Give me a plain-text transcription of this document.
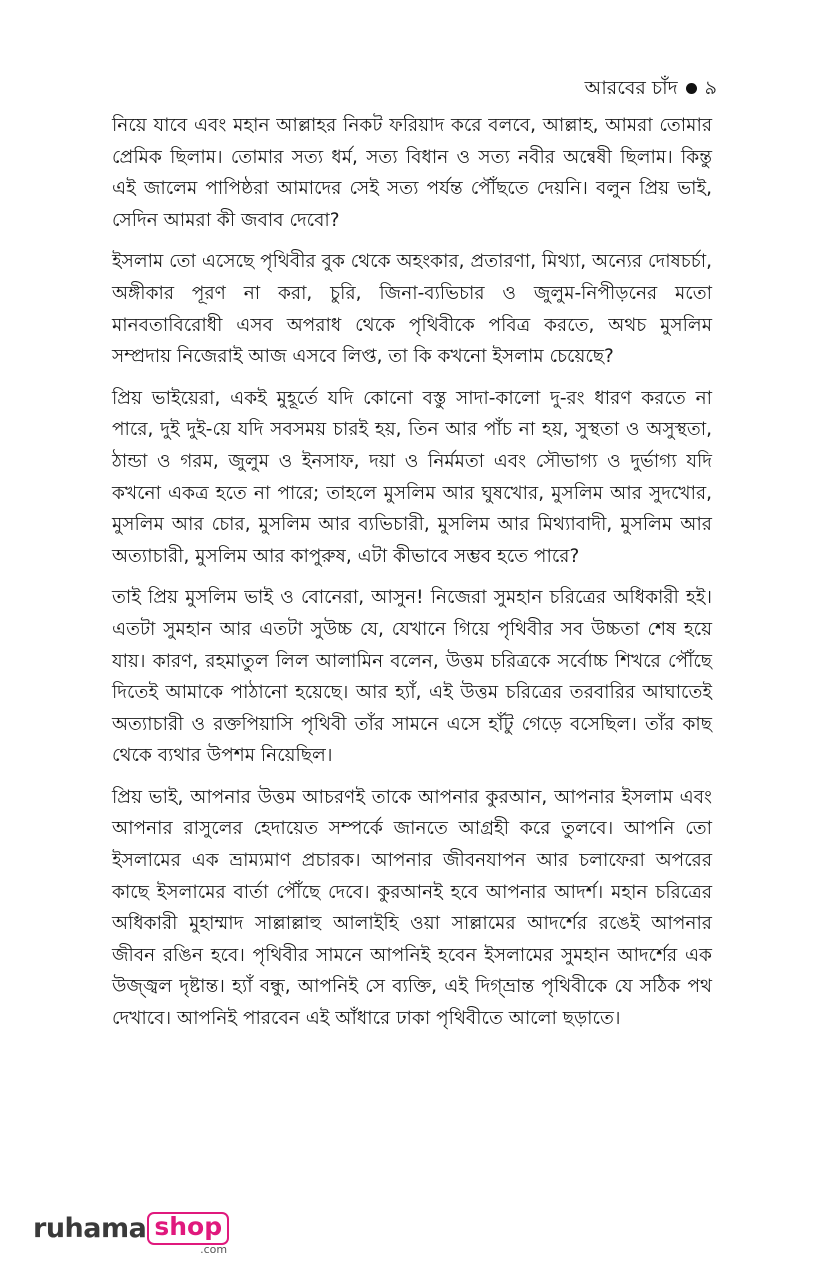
আরবের চাঁদ ৯

নিয়ে যাবে এবং মহান আল্লাহর নিকট ফরিয়াদ করে বলবে, আল্লাহ, আমরা তোমার প্রেমিক ছিলাম। তোমার সত্য ধর্ম, সত্য বিধান ও সত্য নবীর অন্বেষী ছিলাম। কিন্তু এই জালেম পাপিষ্ঠরা আমাদের সেই সত্য পর্যন্ত পৌঁছতে দেয়নি। বলুন প্রিয় ভাই, সেদিন আমরা কী জবাব দেবো?

ইসলাম তো এসেছে পৃথিবীর বুক থেকে অহংকার, প্রতারণা, মিথ্যা, অন্যের দোষচর্চা, অঙ্গীকার পূরণ না করা, চুরি, জিনা-ব্যভিচার ও জুলুম-নিপীড়নের মতো মানবতাবিরোধী এসব অপরাধ থেকে পৃথিবীকে পবিত্র করতে, অথচ মুসলিম সম্প্রদায় নিজেরাই আজ এসবে লিপ্ত, তা কি কখনো ইসলাম চেয়েছে?

প্রিয় ভাইয়েরা, একই মুহূর্তে যদি কোনো বস্তু সাদা-কালো দু-রং ধারণ করতে না পারে, দুই দুই-য়ে যদি সবসময় চারই হয়, তিন আর পাঁচ না হয়, সুস্থতা ও অসুস্থতা, ঠান্ডা ও গরম, জুলুম ও ইনসাফ, দয়া ও নির্মমতা এবং সৌভাগ্য ও দুর্ভাগ্য যদি কখনো একত্র হতে না পারে; তাহলে মুসলিম আর ঘুষখোর, মুসলিম আর সুদখোর, মুসলিম আর চোর, মুসলিম আর ব্যভিচারী, মুসলিম আর মিথ্যাবাদী, মুসলিম আর অত্যাচারী, মুসলিম আর কাপুরুষ, এটা কীভাবে সম্ভব হতে পারে?

তাই প্রিয় মুসলিম ভাই ও বোনেরা, আসুন! নিজেরা সুমহান চরিত্রের অধিকারী হই। এতটা সুমহান আর এতটা সুউচ্চ যে, যেখানে গিয়ে পৃথিবীর সব উচ্চতা শেষ হয়ে যায়। কারণ, রহমাতুল লিল আলামিন বলেন, উত্তম চরিত্রকে সর্বোচ্চ শিখরে পৌঁছে দিতেই আমাকে পাঠানো হয়েছে। আর হ্যাঁ, এই উত্তম চরিত্রের তরবারির আঘাতেই অত্যাচারী ও রক্তপিয়াসি পৃথিবী তাঁর সামনে এসে হাঁটু গেড়ে বসেছিল। তাঁর কাছ থেকে ব্যথার উপশম নিয়েছিল।

প্রিয় ভাই, আপনার উত্তম আচরণই তাকে আপনার কুরআন, আপনার ইসলাম এবং আপনার রাসুলের হেদায়েত সম্পর্কে জানতে আগ্রহী করে তুলবে। আপনি তো ইসলামের এক ভ্রাম্যমাণ প্রচারক। আপনার জীবনযাপন আর চলাফেরা অপরের কাছে ইসলামের বার্তা পৌঁছে দেবে। কুরআনই হবে আপনার আদর্শ। মহান চরিত্রের অধিকারী মুহাম্মাদ সাল্লাল্লাহু আলাইহি ওয়া সাল্লামের আদর্শের রঙেই আপনার জীবন রঙিন হবে। পৃথিবীর সামনে আপনিই হবেন ইসলামের সুমহান আদর্শের এক উজ্জ্বল দৃষ্টান্ত। হ্যাঁ বন্ধু, আপনিই সে ব্যক্তি, এই দিগ্ভ্রান্ত পৃথিবীকে যে সঠিক পথ দেখাবে। আপনিই পারবেন এই আঁধারে ঢাকা পৃথিবীতে আলো ছড়াতে।

ruhama shop
.com
